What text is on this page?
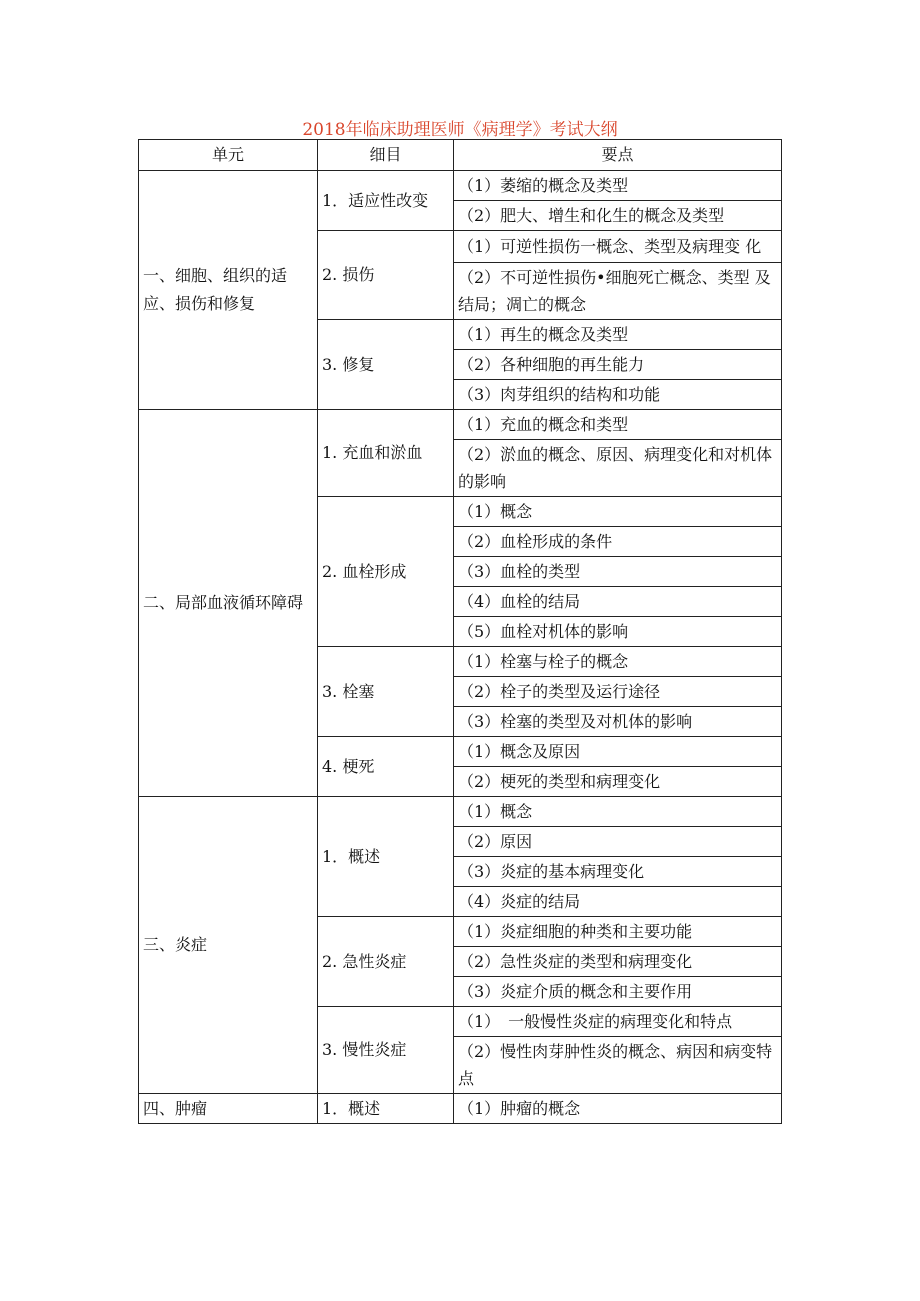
2018年临床助理医师《病理学》考试大纲
单元	细目	要点
一、细胞、组织的适应、损伤和修复	1．适应性改变	（1）萎缩的概念及类型
		（2）肥大、增生和化生的概念及类型
	2. 损伤	（1）可逆性损伤一概念、类型及病理变 化
		（2）不可逆性损伤•细胞死亡概念、类型 及结局；凋亡的概念
	3. 修复	（1）再生的概念及类型
		（2）各种细胞的再生能力
		（3）肉芽组织的结构和功能
二、局部血液循环障碍	1. 充血和淤血	（1）充血的概念和类型
		（2）淤血的概念、原因、病理变化和对机体的影响
	2. 血栓形成	（1）概念
		（2）血栓形成的条件
		（3）血栓的类型
		（4）血栓的结局
		（5）血栓对机体的影响
	3. 栓塞	（1）栓塞与栓子的概念
		（2）栓子的类型及运行途径
		（3）栓塞的类型及对机体的影响
	4. 梗死	（1）概念及原因
		（2）梗死的类型和病理变化
三、炎症	1．概述	（1）概念
		（2）原因
		（3）炎症的基本病理变化
		（4）炎症的结局
	2. 急性炎症	（1）炎症细胞的种类和主要功能
		（2）急性炎症的类型和病理变化
		（3）炎症介质的概念和主要作用
	3. 慢性炎症	（1）　一般慢性炎症的病理变化和特点
		（2）慢性肉芽肿性炎的概念、病因和病变特点
四、肿瘤	1．概述	（1）肿瘤的概念
